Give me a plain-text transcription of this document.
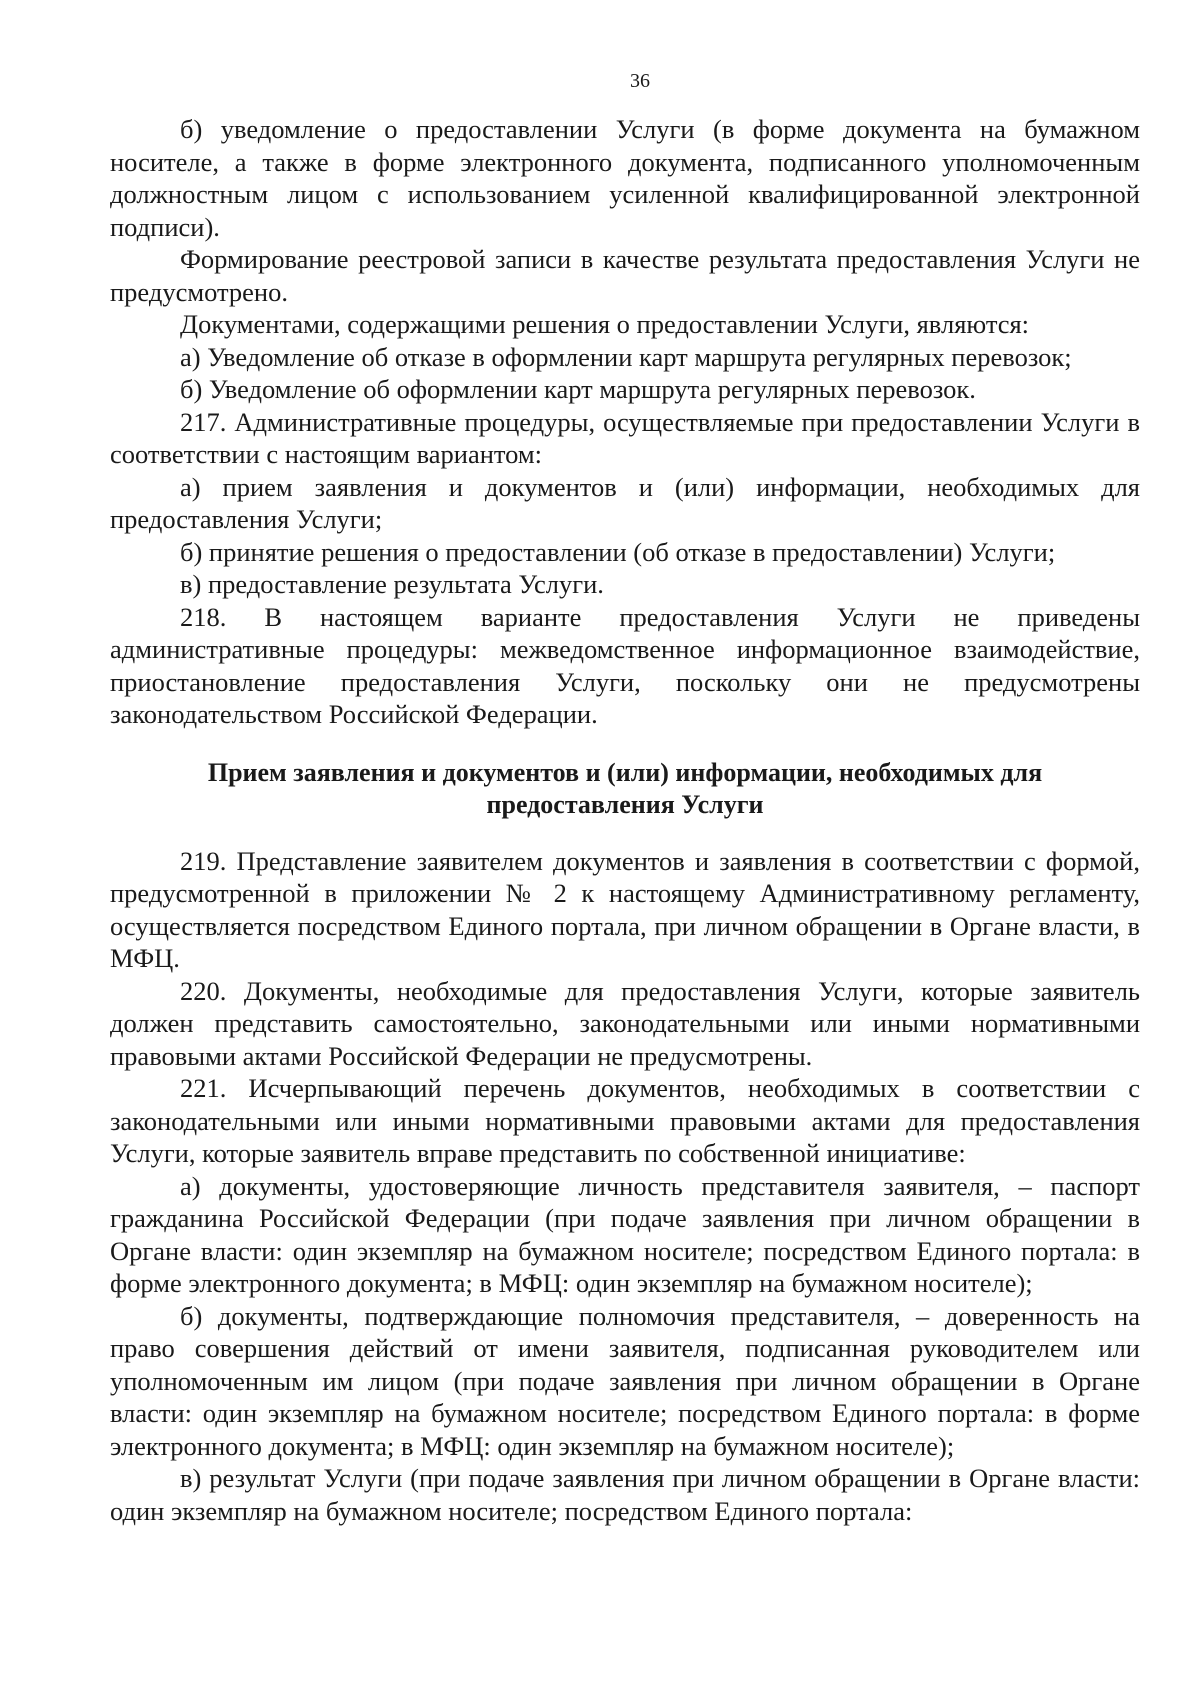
36

б) уведомление о предоставлении Услуги (в форме документа на бумажном носителе, а также в форме электронного документа, подписанного уполномоченным должностным лицом с использованием усиленной квалифицированной электронной подписи).

Формирование реестровой записи в качестве результата предоставления Услуги не предусмотрено.

Документами, содержащими решения о предоставлении Услуги, являются:

а) Уведомление об отказе в оформлении карт маршрута регулярных перевозок;

б) Уведомление об оформлении карт маршрута регулярных перевозок.

217. Административные процедуры, осуществляемые при предоставлении Услуги в соответствии с настоящим вариантом:

а) прием заявления и документов и (или) информации, необходимых для предоставления Услуги;

б) принятие решения о предоставлении (об отказе в предоставлении) Услуги;

в) предоставление результата Услуги.

218. В настоящем варианте предоставления Услуги не приведены административные процедуры: межведомственное информационное взаимодействие, приостановление предоставления Услуги, поскольку они не предусмотрены законодательством Российской Федерации.

Прием заявления и документов и (или) информации, необходимых для предоставления Услуги

219. Представление заявителем документов и заявления в соответствии с формой, предусмотренной в приложении № 2 к настоящему Административному регламенту, осуществляется посредством Единого портала, при личном обращении в Органе власти, в МФЦ.

220. Документы, необходимые для предоставления Услуги, которые заявитель должен представить самостоятельно, законодательными или иными нормативными правовыми актами Российской Федерации не предусмотрены.

221. Исчерпывающий перечень документов, необходимых в соответствии с законодательными или иными нормативными правовыми актами для предоставления Услуги, которые заявитель вправе представить по собственной инициативе:

а) документы, удостоверяющие личность представителя заявителя, – паспорт гражданина Российской Федерации (при подаче заявления при личном обращении в Органе власти: один экземпляр на бумажном носителе; посредством Единого портала: в форме электронного документа; в МФЦ: один экземпляр на бумажном носителе);

б) документы, подтверждающие полномочия представителя, – доверенность на право совершения действий от имени заявителя, подписанная руководителем или уполномоченным им лицом (при подаче заявления при личном обращении в Органе власти: один экземпляр на бумажном носителе; посредством Единого портала: в форме электронного документа; в МФЦ: один экземпляр на бумажном носителе);

в) результат Услуги (при подаче заявления при личном обращении в Органе власти: один экземпляр на бумажном носителе; посредством Единого портала:
